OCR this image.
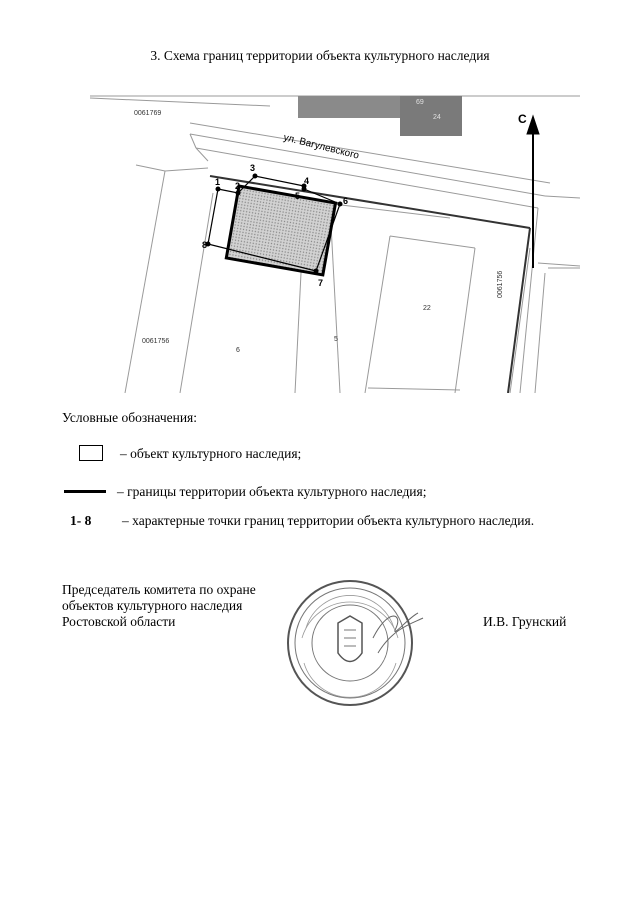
3. Схема границ территории объекта культурного наследия
1 2
3
4
5	6
7
8
ул. Вагулевского
С
0061769
0061756
0061756
22
6
5
69
24
Условные обозначения:
– объект культурного наследия;
– границы территории объекта культурного наследия;
1- 8 – характерные точки границ территории объекта культурного наследия.
Председатель комитета по охране
объектов культурного наследия
Ростовской области	И.В. Грунский
